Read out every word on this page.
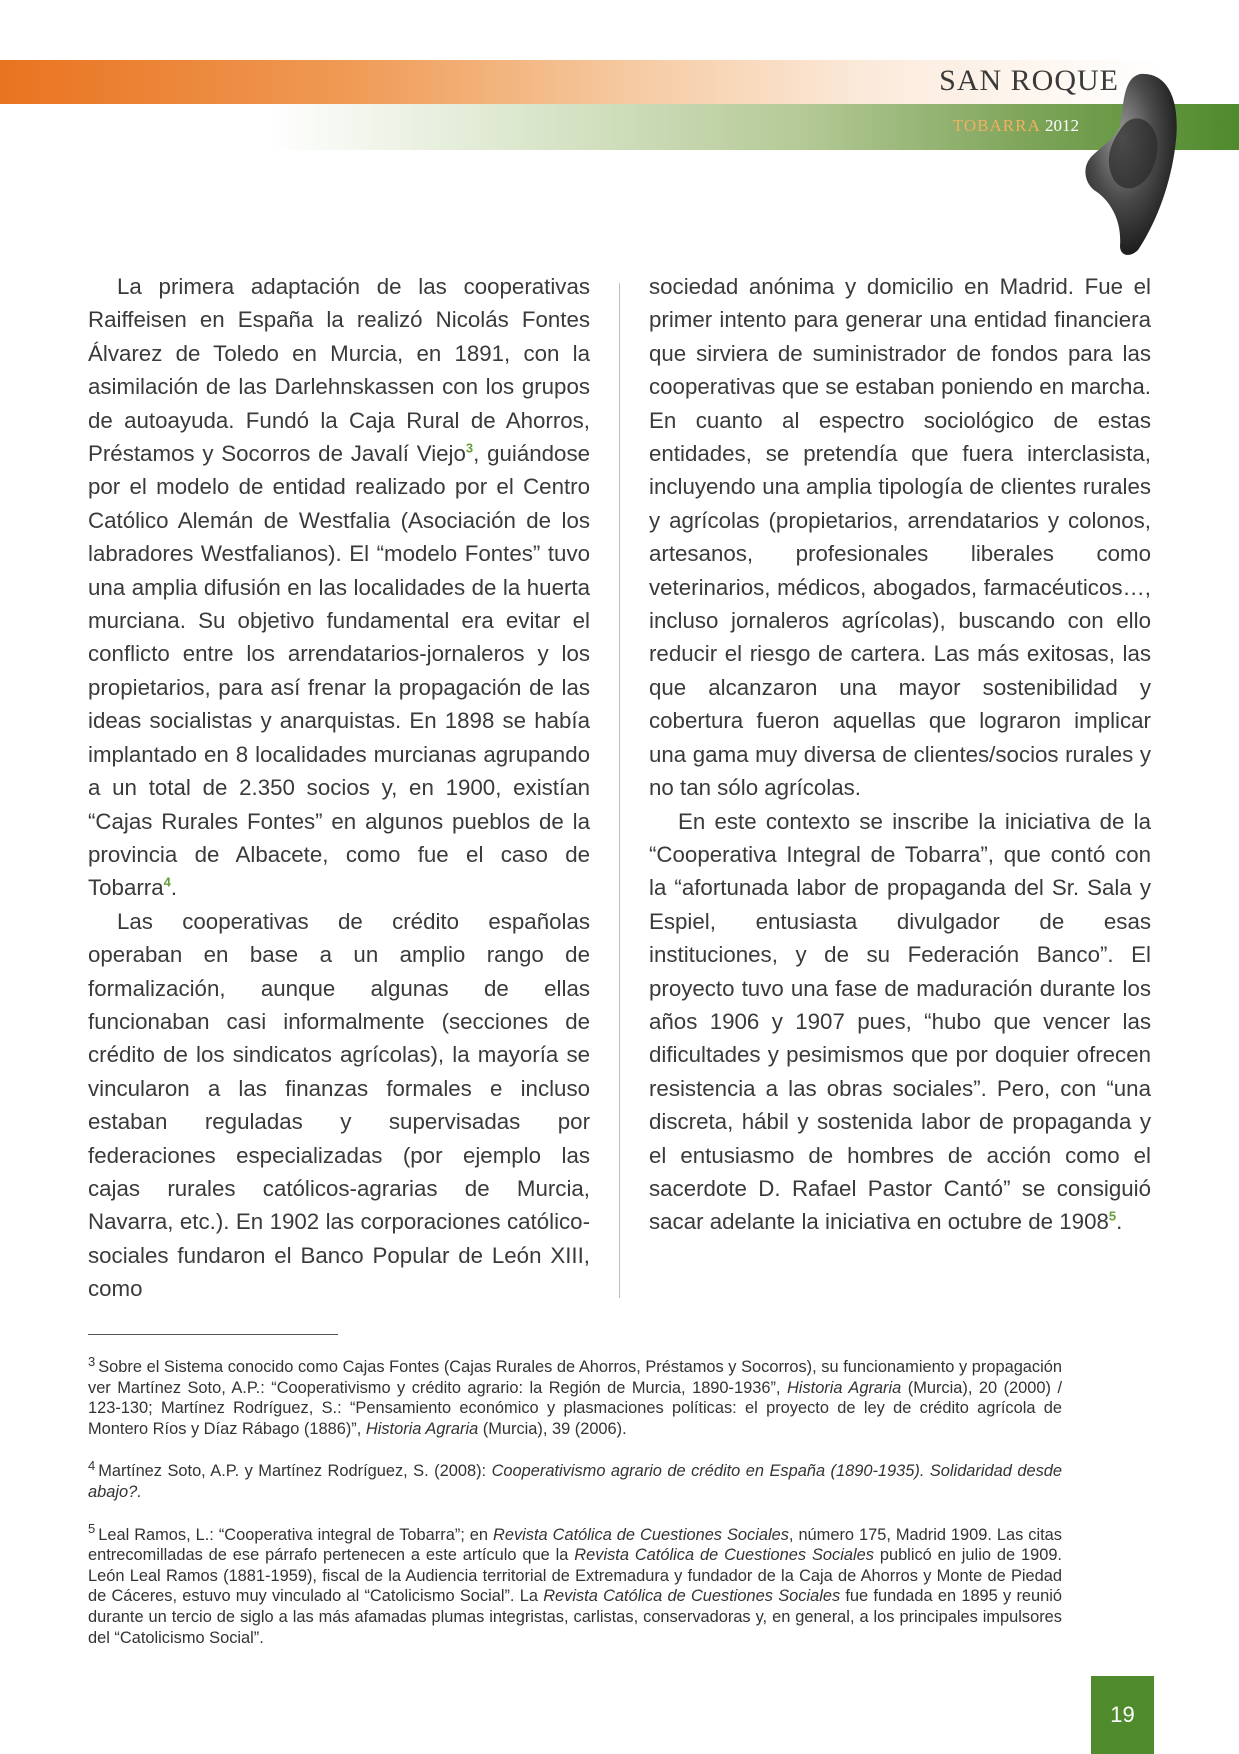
SAN ROQUE
TOBARRA 2012

La primera adaptación de las cooperativas Raiffeisen en España la realizó Nicolás Fontes Álvarez de Toledo en Murcia, en 1891, con la asimilación de las Darlehnskassen con los grupos de autoayuda. Fundó la Caja Rural de Ahorros, Préstamos y Socorros de Javalí Viejo$^3$, guiándose por el modelo de entidad realizado por el Centro Católico Alemán de Westfalia (Asociación de los labradores Westfalianos). El “modelo Fontes” tuvo una amplia difusión en las localidades de la huerta murciana. Su objetivo fundamental era evitar el conflicto entre los arrendatarios-jornaleros y los propietarios, para así frenar la propagación de las ideas socialistas y anarquistas. En 1898 se había implantado en 8 localidades murcianas agrupando a un total de 2.350 socios y, en 1900, existían “Cajas Rurales Fontes” en algunos pueblos de la provincia de Albacete, como fue el caso de Tobarra$^4$.

Las cooperativas de crédito españolas operaban en base a un amplio rango de formalización, aunque algunas de ellas funcionaban casi informalmente (secciones de crédito de los sindicatos agrícolas), la mayoría se vincularon a las finanzas formales e incluso estaban reguladas y supervisadas por federaciones especializadas (por ejemplo las cajas rurales católicos-agrarias de Murcia, Navarra, etc.). En 1902 las corporaciones católico-sociales fundaron el Banco Popular de León XIII, como

sociedad anónima y domicilio en Madrid. Fue el primer intento para generar una entidad financiera que sirviera de suministrador de fondos para las cooperativas que se estaban poniendo en marcha. En cuanto al espectro sociológico de estas entidades, se pretendía que fuera interclasista, incluyendo una amplia tipología de clientes rurales y agrícolas (propietarios, arrendatarios y colonos, artesanos, profesionales liberales como veterinarios, médicos, abogados, farmacéuticos…, incluso jornaleros agrícolas), buscando con ello reducir el riesgo de cartera. Las más exitosas, las que alcanzaron una mayor sostenibilidad y cobertura fueron aquellas que lograron implicar una gama muy diversa de clientes/socios rurales y no tan sólo agrícolas.

En este contexto se inscribe la iniciativa de la “Cooperativa Integral de Tobarra”, que contó con la “afortunada labor de propaganda del Sr. Sala y Espiel, entusiasta divulgador de esas instituciones, y de su Federación Banco”. El proyecto tuvo una fase de maduración durante los años 1906 y 1907 pues, “hubo que vencer las dificultades y pesimismos que por doquier ofrecen resistencia a las obras sociales”. Pero, con “una discreta, hábil y sostenida labor de propaganda y el entusiasmo de hombres de acción como el sacerdote D. Rafael Pastor Cantó” se consiguió sacar adelante la iniciativa en octubre de 1908$^5$.

$^3$ Sobre el Sistema conocido como Cajas Fontes (Cajas Rurales de Ahorros, Préstamos y Socorros), su funcionamiento y propagación ver Martínez Soto, A.P.: “Cooperativismo y crédito agrario: la Región de Murcia, 1890-1936”, Historia Agraria (Murcia), 20 (2000) / 123-130; Martínez Rodríguez, S.: “Pensamiento económico y plasmaciones políticas: el proyecto de ley de crédito agrícola de Montero Ríos y Díaz Rábago (1886)”, Historia Agraria (Murcia), 39 (2006).

$^4$ Martínez Soto, A.P. y Martínez Rodríguez, S. (2008): Cooperativismo agrario de crédito en España (1890-1935). Solidaridad desde abajo?.

$^5$ Leal Ramos, L.: “Cooperativa integral de Tobarra”; en Revista Católica de Cuestiones Sociales, número 175, Madrid 1909. Las citas entrecomilladas de ese párrafo pertenecen a este artículo que la Revista Católica de Cuestiones Sociales publicó en julio de 1909. León Leal Ramos (1881-1959), fiscal de la Audiencia territorial de Extremadura y fundador de la Caja de Ahorros y Monte de Piedad de Cáceres, estuvo muy vinculado al “Catolicismo Social”. La Revista Católica de Cuestiones Sociales fue fundada en 1895 y reunió durante un tercio de siglo a las más afamadas plumas integristas, carlistas, conservadoras y, en general, a los principales impulsores del “Catolicismo Social”.

19
